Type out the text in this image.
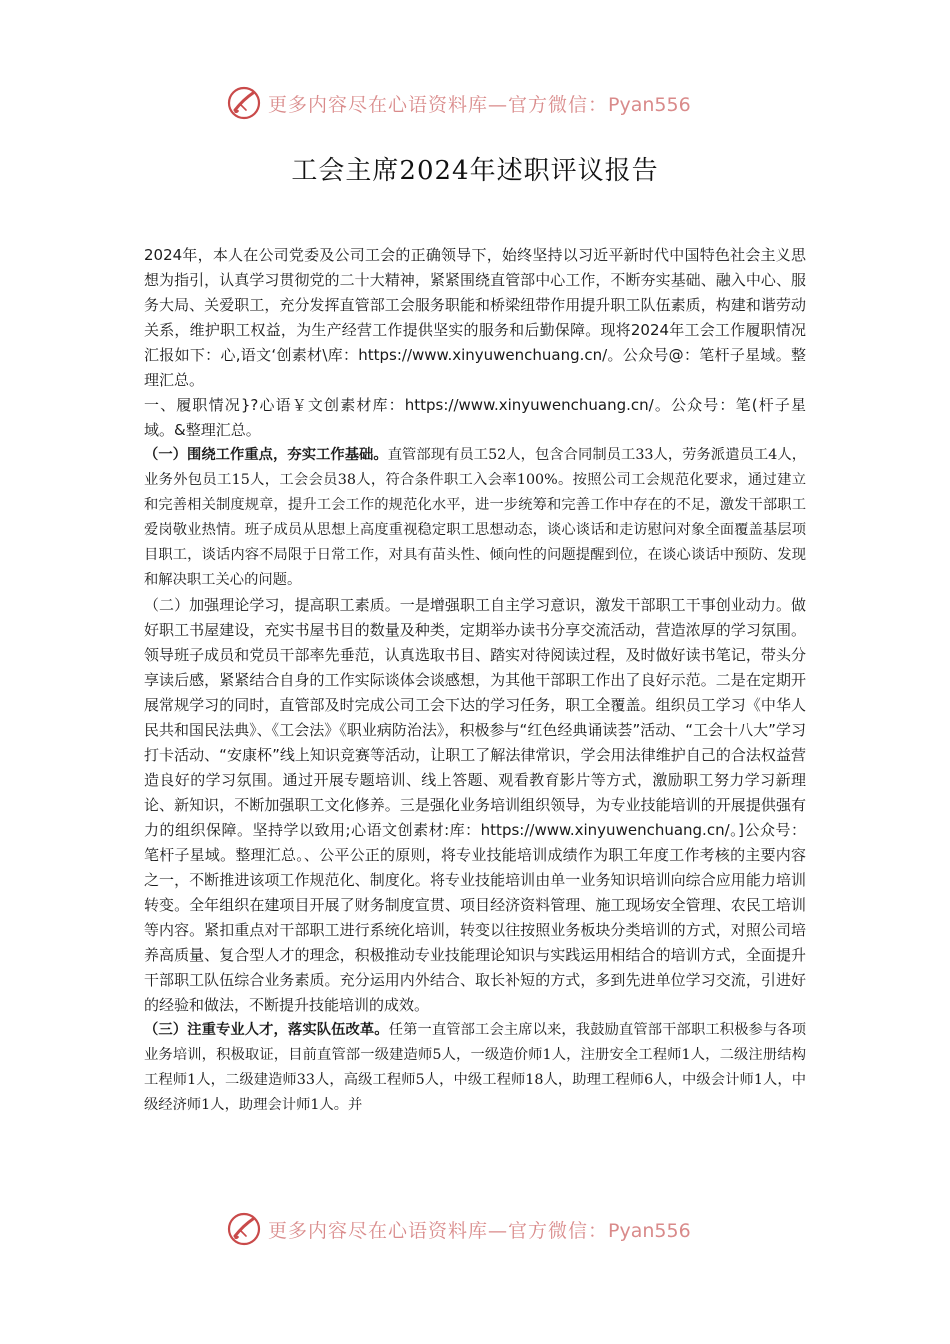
更多内容尽在心语资料库—官方微信：Pyan556
工会主席2024年述职评议报告

2024年，本人在公司党委及公司工会的正确领导下，始终坚持以习近平新时代中国特色社会主义思想为指引，认真学习贯彻党的二十大精神，紧紧围绕直管部中心工作，不断夯实基础、融入中心、服务大局、关爱职工，充分发挥直管部工会服务职能和桥梁纽带作用提升职工队伍素质，构建和谐劳动关系，维护职工权益，为生产经营工作提供坚实的服务和后勤保障。现将2024年工会工作履职情况汇报如下：心,语文‘创素材\库：https://www.xinyuwenchuang.cn/。公众号@：笔杆子星域。整理汇总。

一、履职情况}?心语￥文创素材库：https://www.xinyuwenchuang.cn/。公众号：笔(杆子星域。&整理汇总。

（一）围绕工作重点，夯实工作基础。直管部现有员工52人，包含合同制员工33人，劳务派遣员工4人，业务外包员工15人，工会会员38人，符合条件职工入会率100%。按照公司工会规范化要求，通过建立和完善相关制度规章，提升工会工作的规范化水平，进一步统筹和完善工作中存在的不足，激发干部职工爱岗敬业热情。班子成员从思想上高度重视稳定职工思想动态，谈心谈话和走访慰问对象全面覆盖基层项目职工，谈话内容不局限于日常工作，对具有苗头性、倾向性的问题提醒到位，在谈心谈话中预防、发现和解决职工关心的问题。

（二）加强理论学习，提高职工素质。一是增强职工自主学习意识，激发干部职工干事创业动力。做好职工书屋建设，充实书屋书目的数量及种类，定期举办读书分享交流活动，营造浓厚的学习氛围。领导班子成员和党员干部率先垂范，认真选取书目、踏实对待阅读过程，及时做好读书笔记，带头分享读后感，紧紧结合自身的工作实际谈体会谈感想，为其他干部职工作出了良好示范。二是在定期开展常规学习的同时，直管部及时完成公司工会下达的学习任务，职工全覆盖。组织员工学习《中华人民共和国民法典》、《工会法》《职业病防治法》，积极参与“红色经典诵读荟”活动、“工会十八大”学习打卡活动、“安康杯”线上知识竞赛等活动，让职工了解法律常识，学会用法律维护自己的合法权益营造良好的学习氛围。通过开展专题培训、线上答题、观看教育影片等方式，激励职工努力学习新理论、新知识，不断加强职工文化修养。三是强化业务培训组织领导，为专业技能培训的开展提供强有力的组织保障。坚持学以致用;心语文创素材:库：https://www.xinyuwenchuang.cn/。]公众号：笔杆子星域。整理汇总。、公平公正的原则，将专业技能培训成绩作为职工年度工作考核的主要内容之一，不断推进该项工作规范化、制度化。将专业技能培训由单一业务知识培训向综合应用能力培训转变。全年组织在建项目开展了财务制度宣贯、项目经济资料管理、施工现场安全管理、农民工培训等内容。紧扣重点对干部职工进行系统化培训，转变以往按照业务板块分类培训的方式，对照公司培养高质量、复合型人才的理念，积极推动专业技能理论知识与实践运用相结合的培训方式，全面提升干部职工队伍综合业务素质。充分运用内外结合、取长补短的方式，多到先进单位学习交流，引进好的经验和做法，不断提升技能培训的成效。

（三）注重专业人才，落实队伍改革。任第一直管部工会主席以来，我鼓励直管部干部职工积极参与各项业务培训，积极取证，目前直管部一级建造师5人，一级造价师1人，注册安全工程师1人，二级注册结构工程师1人，二级建造师33人，高级工程师5人，中级工程师18人，助理工程师6人，中级会计师1人，中级经济师1人，助理会计师1人。并

更多内容尽在心语资料库—官方微信：Pyan556
